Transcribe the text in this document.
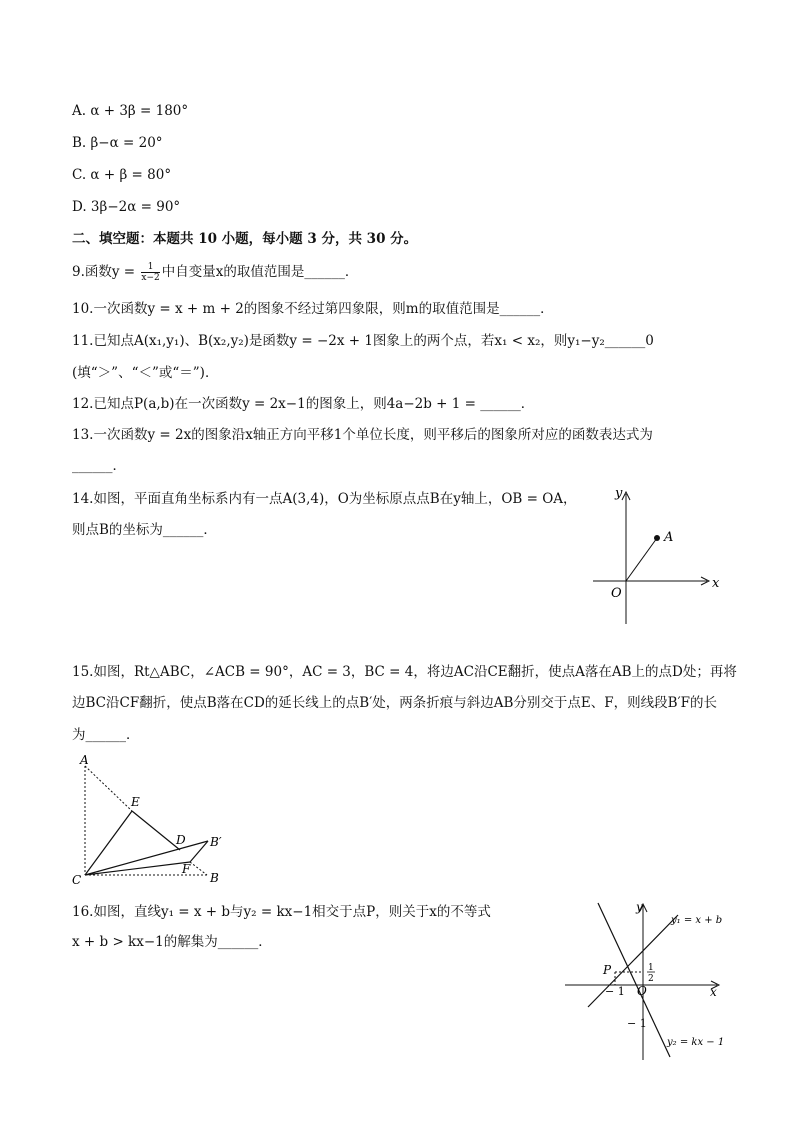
A. α + 3β = 180°
B. β−α = 20°
C. α + β = 80°
D. 3β−2α = 90°
二、填空题：本题共 10 小题，每小题 3 分，共 30 分。
9.函数$y = \frac{1}{x-2}$ 中自变量x的取值范围是______．
10.一次函数y = x + m + 2的图象不经过第四象限，则m的取值范围是______．
11.已知点A(x₁,y₁)、B(x₂,y₂)是函数y = −2x + 1图象上的两个点，若x₁ < x₂，则y₁−y₂______0
(填“＞”、“＜”或“＝”)．
12.已知点P(a,b)在一次函数y = 2x−1的图象上，则4a−2b + 1 = ______．
13.一次函数y = 2x的图象沿x轴正方向平移1个单位长度，则平移后的图象所对应的函数表达式为
______．
14.如图，平面直角坐标系内有一点A(3,4)，O为坐标原点点B在y轴上，OB = OA，
则点B的坐标为______．
y
x
O
A
15.如图，Rt△ABC，∠ACB = 90°，AC = 3，BC = 4，将边AC沿CE翻折，使点A落在AB上的点D处；再将
边BC沿CF翻折，使点B落在CD的延长线上的点B′处，两条折痕与斜边AB分别交于点E、F，则线段B′F的长
为______．
A
E
D B′
F
C	B
16.如图，直线y₁ = x + b与y₂ = kx−1相交于点P，则关于x的不等式
x + b > kx−1的解集为______．
y
x
O
P
y₁ = x + b
y₂ = kx − 1
− 1
− 1
1
2
